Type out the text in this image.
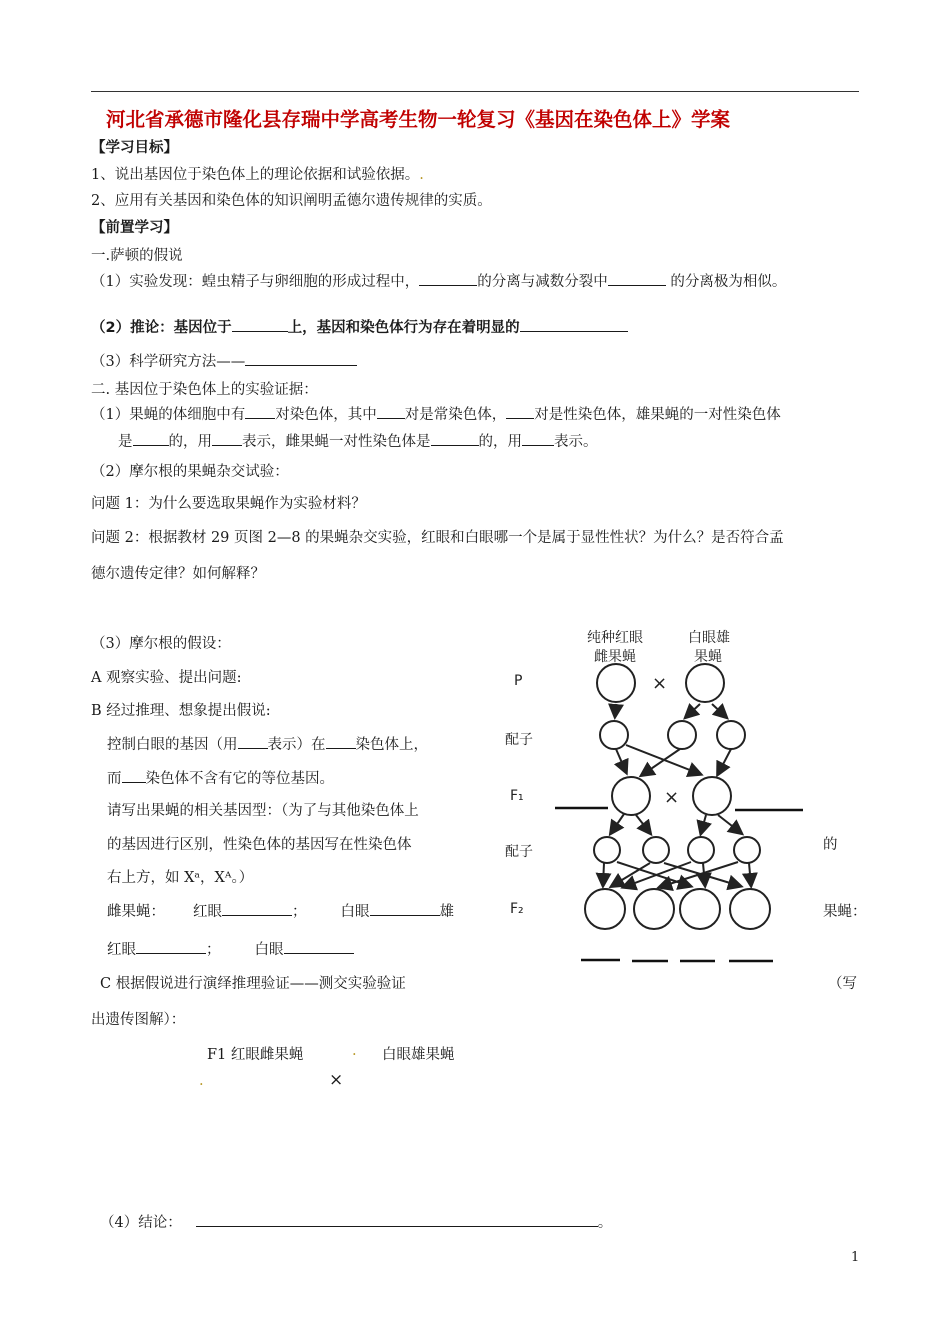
河北省承德市隆化县存瑞中学高考生物一轮复习《基因在染色体上》学案
【学习目标】
1、说出基因位于染色体上的理论依据和试验依据。.
2、应用有关基因和染色体的知识阐明孟德尔遗传规律的实质。
【前置学习】
一.萨顿的假说
（1）实验发现：蝗虫精子与卵细胞的形成过程中，	的分离与减数分裂中	的分离极为相似。
（2）推论：基因位于	上，基因和染色体行为存在着明显的
（3）科学研究方法——
二. 基因位于染色体上的实验证据：
（1）果蝇的体细胞中有 对染色体，其中 对是常染色体， 对是性染色体，雄果蝇的一对性染色体
是 的，用 表示，雌果蝇一对性染色体是	的，用 表示。
（2）摩尔根的果蝇杂交试验：
问题 1：为什么要选取果蝇作为实验材料？
问题 2：根据教材 29 页图 2—8 的果蝇杂交实验，红眼和白眼哪一个是属于显性性状？为什么？是否符合孟
德尔遗传定律？如何解释？
（3）摩尔根的假设：
A 观察实验、提出问题:
B 经过推理、想象提出假说:
控制白眼的基因（用 表示）在 染色体上，
而 染色体不含有它的等位基因。
请写出果蝇的相关基因型：（为了与其他染色体上
的基因进行区别，性染色体的基因写在性染色体	的
右上方，如 Xᵃ，Xᴬ。）
雌果蝇： 红眼	； 白眼	雄	果蝇：
红眼	； 白眼
C 根据假说进行演绎推理验证——测交实验验证	（写
出遗传图解）：
F1 红眼雌果蝇	. 白眼雄果蝇
.	×
（4）结论：	。
1
纯种红眼
雌果蝇
白眼雄
果蝇
P
配子
F₁
配子
F₂
×
×
